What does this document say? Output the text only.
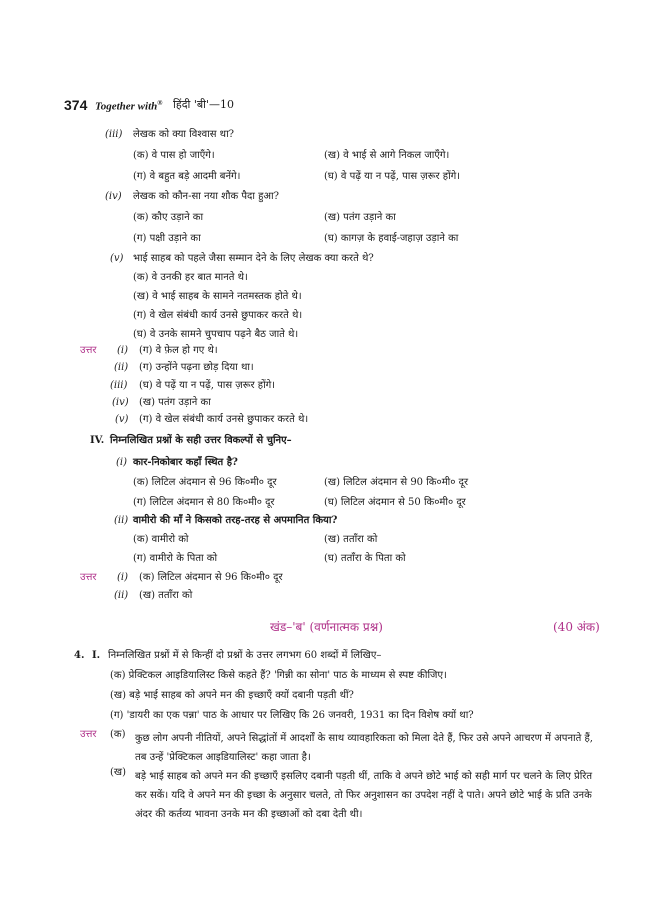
374 Together with® हिंदी 'बी'—10
(iii) लेखक को क्या विश्वास था?
(क) वे पास हो जाएँगे।	(ख) वे भाई से आगे निकल जाएँगे।
(ग) वे बहुत बड़े आदमी बनेंगे।	(घ) वे पढ़ें या न पढ़ें, पास ज़रूर होंगे।
(iv) लेखक को कौन-सा नया शौक पैदा हुआ?
(क) कौए उड़ाने का	(ख) पतंग उड़ाने का
(ग) पक्षी उड़ाने का	(घ) कागज़ के हवाई-जहाज़ उड़ाने का
(v) भाई साहब को पहले जैसा सम्मान देने के लिए लेखक क्या करते थे?
(क) वे उनकी हर बात मानते थे।
(ख) वे भाई साहब के सामने नतमस्तक होते थे।
(ग) वे खेल संबंधी कार्य उनसे छुपाकर करते थे।
(घ) वे उनके सामने चुपचाप पढ़ने बैठ जाते थे।
उत्तर (i) (ग) वे फ़ेल हो गए थे।
(ii) (ग) उन्होंने पढ़ना छोड़ दिया था।
(iii) (घ) वे पढ़ें या न पढ़ें, पास ज़रूर होंगे।
(iv) (ख) पतंग उड़ाने का
(v) (ग) वे खेल संबंधी कार्य उनसे छुपाकर करते थे।
IV. निम्नलिखित प्रश्नों के सही उत्तर विकल्पों से चुनिए–
(i) कार-निकोबार कहाँ स्थित है?
(क) लिटिल अंदमान से 96 कि०मी० दूर	(ख) लिटिल अंदमान से 90 कि०मी० दूर
(ग) लिटिल अंदमान से 80 कि०मी० दूर	(घ) लिटिल अंदमान से 50 कि०मी० दूर
(ii) वामीरो की माँ ने किसको तरह-तरह से अपमानित किया?
(क) वामीरो को	(ख) तताँरा को
(ग) वामीरो के पिता को	(घ) तताँरा के पिता को
उत्तर (i) (क) लिटिल अंदमान से 96 कि०मी० दूर
(ii) (ख) तताँरा को
खंड–'ब' (वर्णनात्मक प्रश्न)	(40 अंक)
4. I. निम्नलिखित प्रश्नों में से किन्हीं दो प्रश्नों के उत्तर लगभग 60 शब्दों में लिखिए–
(क) प्रेक्टिकल आइडियालिस्ट किसे कहते हैं? 'गिन्नी का सोना' पाठ के माध्यम से स्पष्ट कीजिए।
(ख) बड़े भाई साहब को अपने मन की इच्छाएँ क्यों दबानी पड़ती थीं?
(ग) 'डायरी का एक पन्ना' पाठ के आधार पर लिखिए कि 26 जनवरी, 1931 का दिन विशेष क्यों था?
उत्तर (क) कुछ लोग अपनी नीतियों, अपने सिद्धांतों में आदर्शों के साथ व्यावहारिकता को मिला देते हैं, फिर उसे अपने आचरण में अपनाते हैं, तब उन्हें 'प्रेक्टिकल आइडियालिस्ट' कहा जाता है।
(ख) बड़े भाई साहब को अपने मन की इच्छाएँ इसलिए दबानी पड़ती थीं, ताकि वे अपने छोटे भाई को सही मार्ग पर चलने के लिए प्रेरित कर सकें। यदि वे अपने मन की इच्छा के अनुसार चलते, तो फिर अनुशासन का उपदेश नहीं दे पाते। अपने छोटे भाई के प्रति उनके अंदर की कर्तव्य भावना उनके मन की इच्छाओं को दबा देती थी।
